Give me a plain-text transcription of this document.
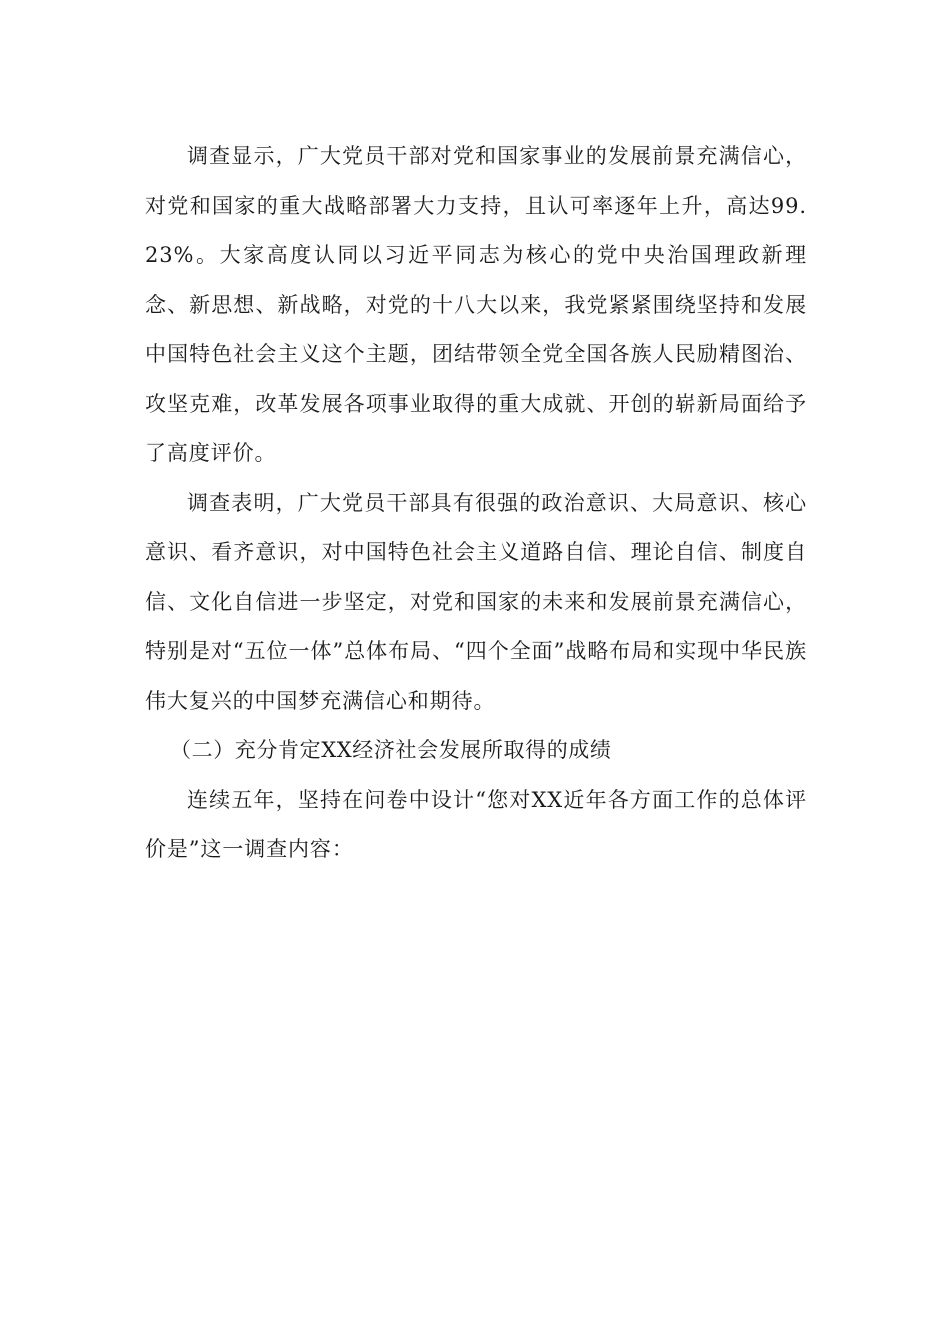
调查显示，广大党员干部对党和国家事业的发展前景充满信心，对党和国家的重大战略部署大力支持，且认可率逐年上升，高达99.23%。大家高度认同以习近平同志为核心的党中央治国理政新理念、新思想、新战略，对党的十八大以来，我党紧紧围绕坚持和发展中国特色社会主义这个主题，团结带领全党全国各族人民励精图治、攻坚克难，改革发展各项事业取得的重大成就、开创的崭新局面给予了高度评价。

调查表明，广大党员干部具有很强的政治意识、大局意识、核心意识、看齐意识，对中国特色社会主义道路自信、理论自信、制度自信、文化自信进一步坚定，对党和国家的未来和发展前景充满信心，特别是对“五位一体”总体布局、“四个全面”战略布局和实现中华民族伟大复兴的中国梦充满信心和期待。

（二）充分肯定XX经济社会发展所取得的成绩

连续五年，坚持在问卷中设计“您对XX近年各方面工作的总体评价是”这一调查内容：
